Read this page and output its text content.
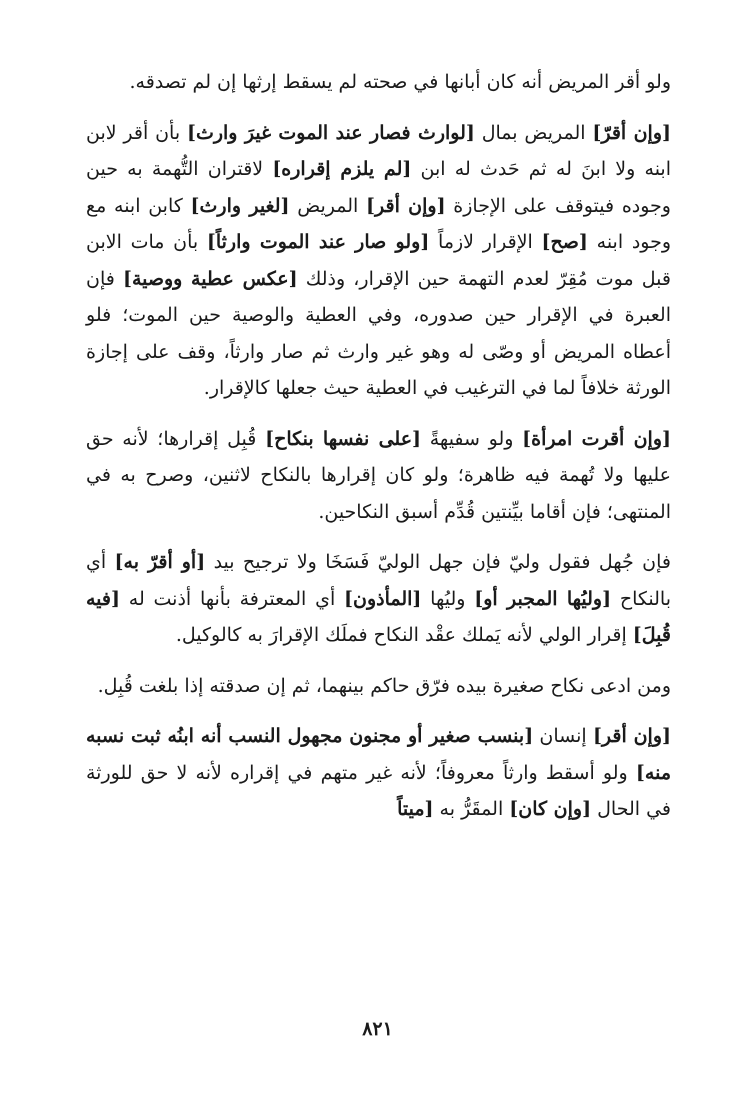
ولو أقر المريض أنه كان أبانها في صحته لم يسقط إرثها إن لم تصدقه.

[وإن أقرّ] المريض بمال [لوارث فصار عند الموت غيرَ وارث] بأن أقر لابن ابنه ولا ابنَ له ثم حَدث له ابن [لم يلزم إقراره] لاقتران التُّهمة به حين وجوده فيتوقف على الإجازة [وإن أقر] المريض [لغير وارث] كابن ابنه مع وجود ابنه [صح] الإقرار لازماً [ولو صار عند الموت وارثاً] بأن مات الابن قبل موت مُقِرّ لعدم التهمة حين الإقرار، وذلك [عكس عطية ووصية] فإن العبرة في الإقرار حين صدوره، وفي العطية والوصية حين الموت؛ فلو أعطاه المريض أو وصّى له وهو غير وارث ثم صار وارثاً، وقف على إجازة الورثة خلافاً لما في الترغيب في العطية حيث جعلها كالإقرار.

[وإن أقرت امرأة] ولو سفيهةً [على نفسها بنكاح] قُبِل إقرارها؛ لأنه حق عليها ولا تُهمة فيه ظاهرة؛ ولو كان إقرارها بالنكاح لاثنين، وصرح به في المنتهى؛ فإن أقاما بيِّنتين قُدِّم أسبق النكاحين.

فإن جُهل فقول وليّ فإن جهل الوليّ فَسَخَا ولا ترجيح بيد [أو أقرّ به] أي بالنكاح [وليُها المجبر أو] وليُها [المأذون] أي المعترفة بأنها أذنت له [فيه قُبِلَ] إقرار الولي لأنه يَملك عقْد النكاح فملَك الإقرارَ به كالوكيل.

ومن ادعى نكاح صغيرة بيده فرّق حاكم بينهما، ثم إن صدقته إذا بلغت قُبِل.

[وإن أقر] إنسان [بنسب صغير أو مجنون مجهول النسب أنه ابنُه ثبت نسبه منه] ولو أسقط وارثاً معروفاً؛ لأنه غير متهم في إقراره لأنه لا حق للورثة في الحال [وإن كان] المقَرُّ به [ميتاً

٨٢١
